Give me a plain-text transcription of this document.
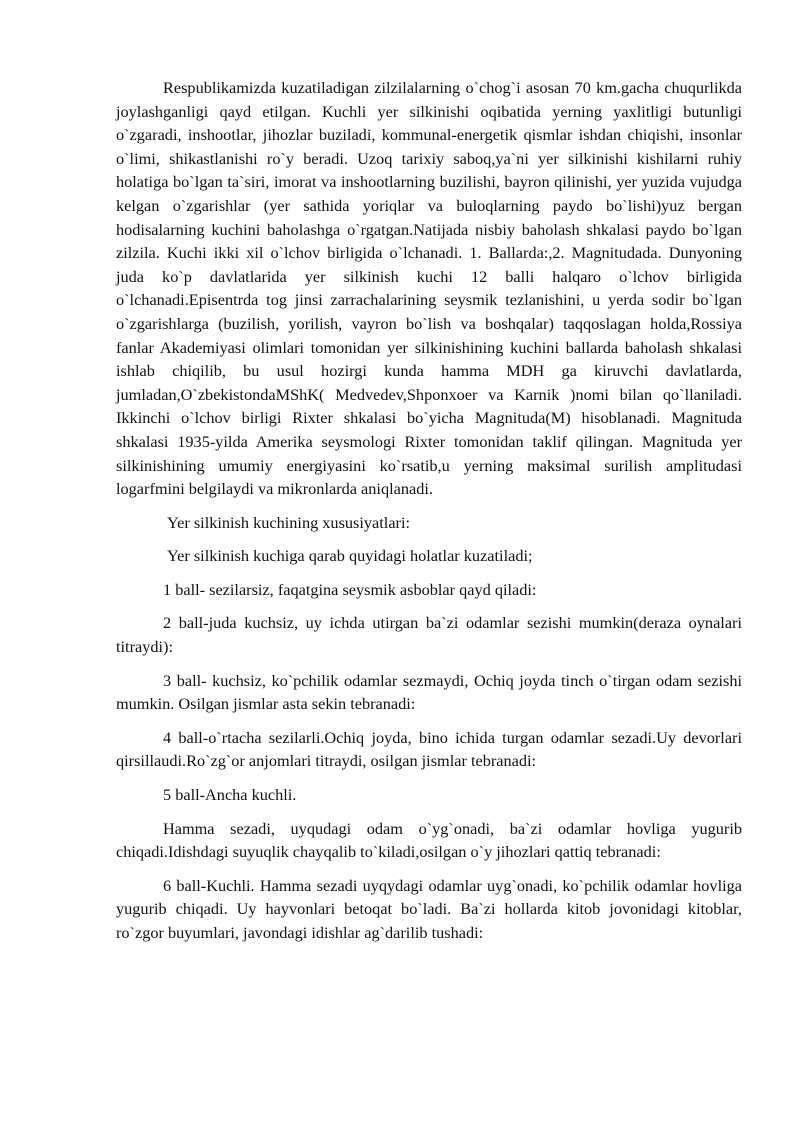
Respublikamizda kuzatiladigan zilzilalarning o`chog`i asosan 70 km.gacha chuqurlikda joylashganligi qayd etilgan. Kuchli yer silkinishi oqibatida yerning yaxlitligi butunligi o`zgaradi, inshootlar, jihozlar buziladi, kommunal-energetik qismlar ishdan chiqishi, insonlar o`limi, shikastlanishi ro`y beradi. Uzoq tarixiy saboq,ya`ni yer silkinishi kishilarni ruhiy holatiga bo`lgan ta`siri, imorat va inshootlarning buzilishi, bayron qilinishi, yer yuzida vujudga kelgan o`zgarishlar (yer sathida yoriqlar va buloqlarning paydo bo`lishi)yuz bergan hodisalarning kuchini baholashga o`rgatgan.Natijada nisbiy baholash shkalasi paydo bo`lgan zilzila. Kuchi ikki xil o`lchov birligida o`lchanadi. 1. Ballarda:,2. Magnitudada. Dunyoning juda ko`p davlatlarida yer silkinish kuchi 12 balli halqaro o`lchov birligida o`lchanadi.Episentrda tog jinsi zarrachalarining seysmik tezlanishini, u yerda sodir bo`lgan o`zgarishlarga (buzilish, yorilish, vayron bo`lish va boshqalar) taqqoslagan holda,Rossiya fanlar Akademiyasi olimlari tomonidan yer silkinishining kuchini ballarda baholash shkalasi ishlab chiqilib, bu usul hozirgi kunda hamma MDH ga kiruvchi davlatlarda, jumladan,O`zbekistondaMShK( Medvedev,Shponxoer va Karnik )nomi bilan qo`llaniladi. Ikkinchi o`lchov birligi Rixter shkalasi bo`yicha Magnituda(M) hisoblanadi. Magnituda shkalasi 1935-yilda Amerika seysmologi Rixter tomonidan taklif qilingan. Magnituda yer silkinishining umumiy energiyasini ko`rsatib,u yerning maksimal surilish amplitudasi logarfmini belgilaydi va mikronlarda aniqlanadi.

Yer silkinish kuchining xususiyatlari:

Yer silkinish kuchiga qarab quyidagi holatlar kuzatiladi;

1 ball- sezilarsiz, faqatgina seysmik asboblar qayd qiladi:

2 ball-juda kuchsiz, uy ichda utirgan ba`zi odamlar sezishi mumkin(deraza oynalari titraydi):

3 ball- kuchsiz, ko`pchilik odamlar sezmaydi, Ochiq joyda tinch o`tirgan odam sezishi mumkin. Osilgan jismlar asta sekin tebranadi:

4 ball-o`rtacha sezilarli.Ochiq joyda, bino ichida turgan odamlar sezadi.Uy devorlari qirsillaudi.Ro`zg`or anjomlari titraydi, osilgan jismlar tebranadi:

5 ball-Ancha kuchli.

Hamma sezadi, uyqudagi odam o`yg`onadi, ba`zi odamlar hovliga yugurib chiqadi.Idishdagi suyuqlik chayqalib to`kiladi,osilgan o`y jihozlari qattiq tebranadi:

6 ball-Kuchli. Hamma sezadi uyqydagi odamlar uyg`onadi, ko`pchilik odamlar hovliga yugurib chiqadi. Uy hayvonlari betoqat bo`ladi. Ba`zi hollarda kitob jovonidagi kitoblar, ro`zgor buyumlari, javondagi idishlar ag`darilib tushadi:
